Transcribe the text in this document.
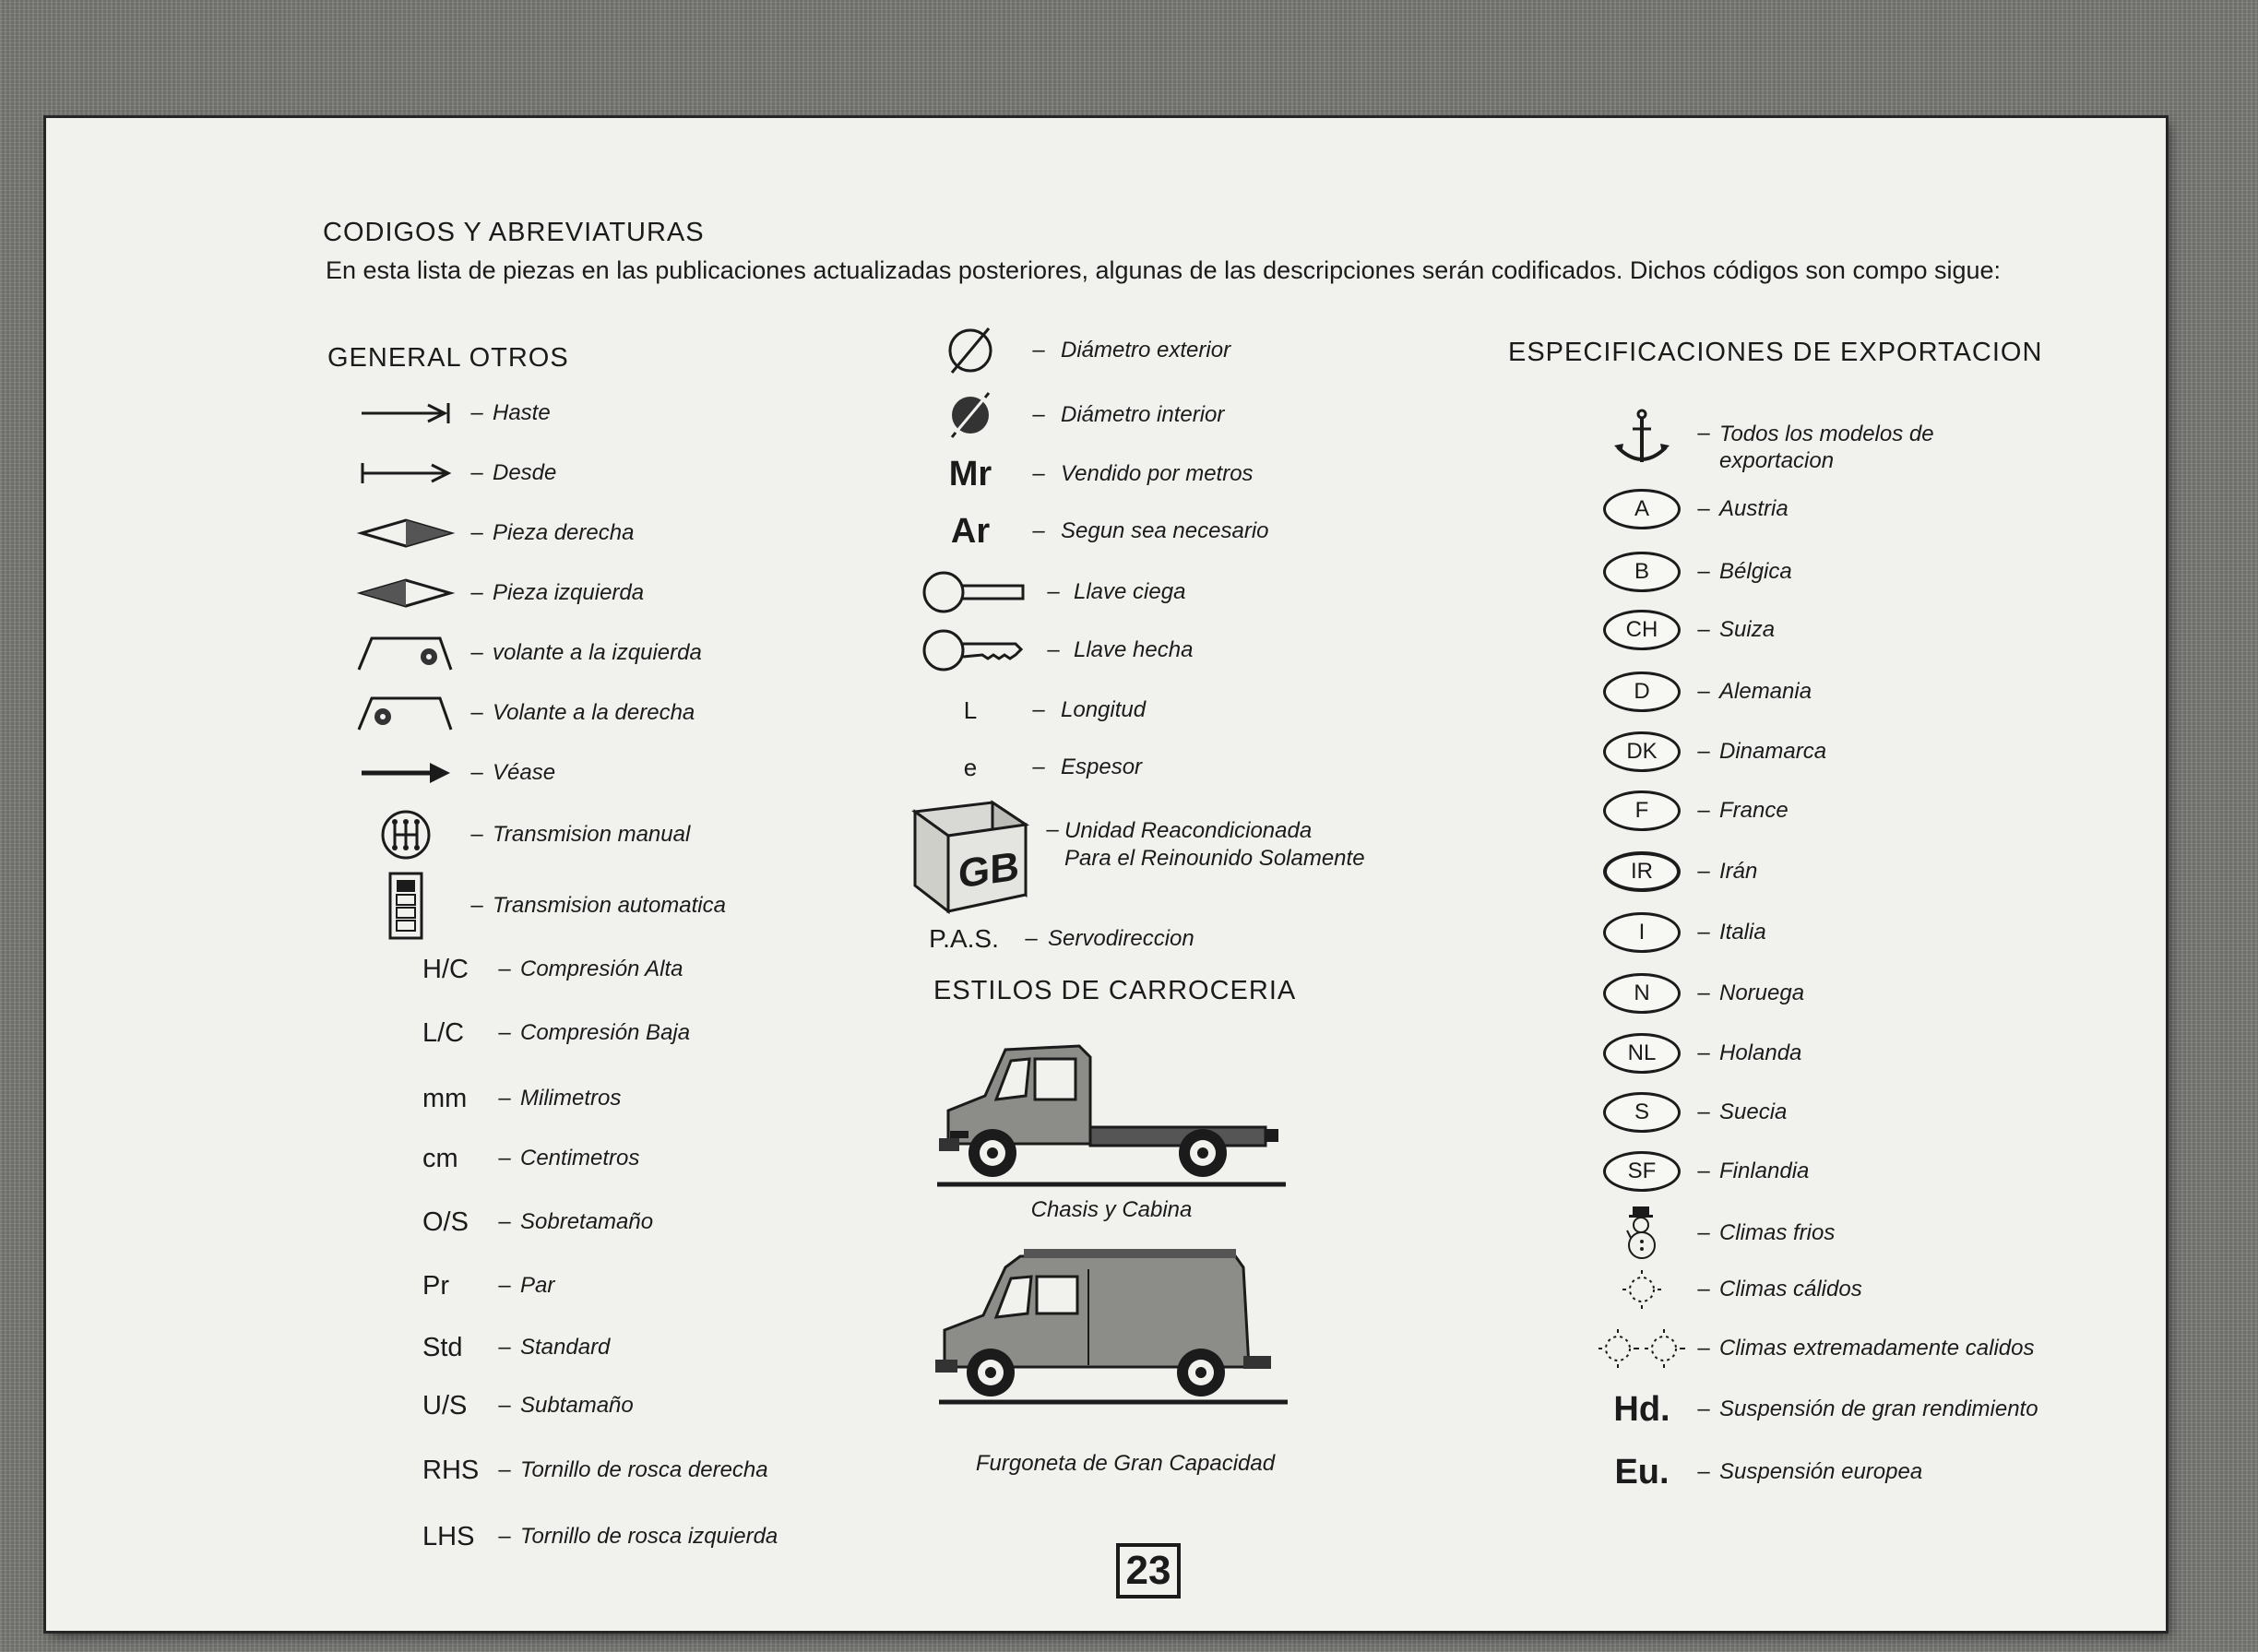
CODIGOS Y ABREVIATURAS
En esta lista de piezas en las publicaciones actualizadas posteriores, algunas de las descripciones serán codificados. Dichos códigos son compo sigue:
GENERAL OTROS
– Haste
– Desde
– Pieza derecha
– Pieza izquierda
– volante a la izquierda
– Volante a la derecha
– Véase
– Transmision manual
– Transmision automatica
H/C	– Compresión Alta
L/C	– Compresión Baja
mm	– Milimetros
cm	– Centimetros
O/S	– Sobretamaño
Pr	– Par
Std	– Standard
U/S	– Subtamaño
RHS – Tornillo de rosca derecha
LHS	– Tornillo de rosca izquierda
– Diámetro exterior
– Diámetro interior
Mr	– Vendido por metros
Ar	– Segun sea necesario
– Llave ciega
– Llave hecha
L	– Longitud
e	– Espesor
GB
– Unidad Reacondicionada
Para el Reinounido Solamente
P.A.S.	– Servodireccion
ESTILOS DE CARROCERIA
Chasis y Cabina
Furgoneta de Gran Capacidad
ESPECIFICACIONES DE EXPORTACION
– Todos los modelos de
exportacion
A	– Austria
B	– Bélgica
CH	– Suiza
D	– Alemania
DK	– Dinamarca
F	– France
IR	– Irán
I	– Italia
N	– Noruega
NL	– Holanda
S	– Suecia
SF	– Finlandia
– Climas frios
– Climas cálidos
– Climas extremadamente calidos
Hd.	– Suspensión de gran rendimiento
Eu.	– Suspensión europea
23
